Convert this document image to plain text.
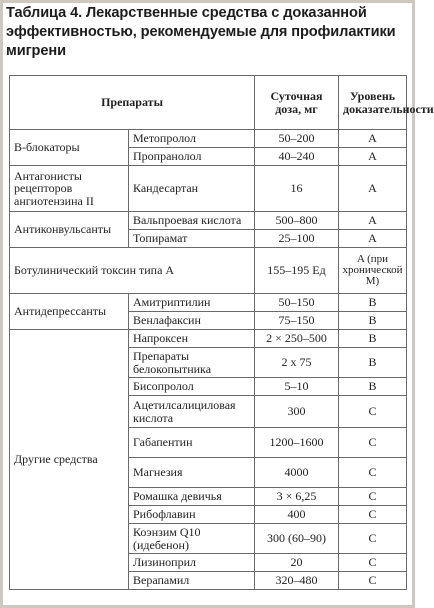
Таблица 4. Лекарственные средства с доказанной эффективностью, рекомендуемые для профилактики мигрени
Препараты		Суточная доза, мг	Уровень доказательности
В-блокаторы	Метопролол	50–200	A
	Пропранолол	40–240	A
Антагонисты рецепторов ангиотензина II	Кандесартан	16	A
Антиконвульсанты	Вальпроевая кислота	500–800	A
	Топирамат	25–100	A
Ботулинический токсин типа А		155–195 Ед	A (при хронической М)
Антидепрессанты	Амитриптилин	50–150	B
	Венлафаксин	75–150	B
Другие средства	Напроксен	2 × 250–500	B
	Препараты белокопытника	2 х 75	B
	Бисопролол	5–10	B
	Ацетилсалициловая кислота	300	C
	Габапентин	1200–1600	C
	Магнезия	4000	C
	Ромашка девичья	3 × 6,25	C
	Рибофлавин	400	C
	Коэнзим Q10 (идебенон)	300 (60–90)	C
	Лизиноприл	20	C
	Верапамил	320–480	C
